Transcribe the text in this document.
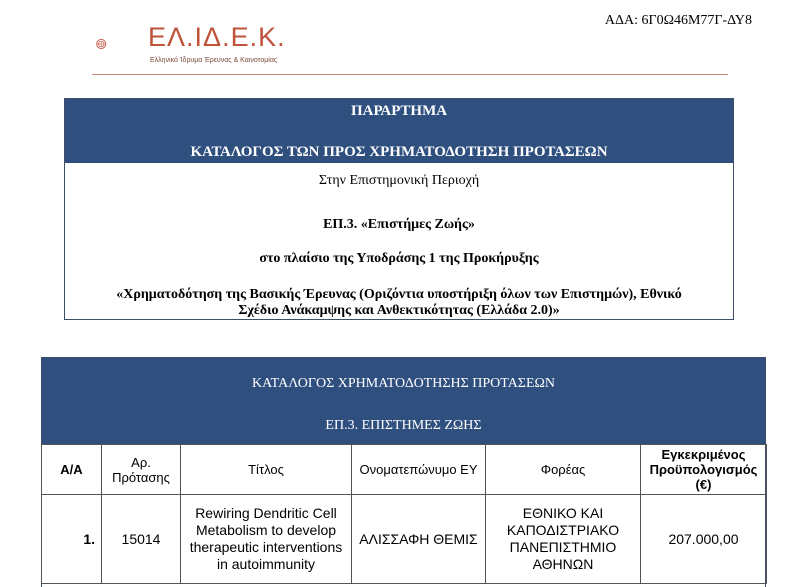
ΑΔΑ: 6Γ0Ω46Μ77Γ-ΔΥ8
ΕΛ.ΙΔ.Ε.Κ.
Ελληνικό Ίδρυμα Έρευνας & Καινοτομίας
ΠΑΡΑΡΤΗΜΑ
ΚΑΤΑΛΟΓΟΣ ΤΩΝ ΠΡΟΣ ΧΡΗΜΑΤΟΔΟΤΗΣΗ ΠΡΟΤΑΣΕΩΝ
Στην Επιστημονική Περιοχή
ΕΠ.3. «Επιστήμες Ζωής»
στο πλαίσιο της Υποδράσης 1 της Προκήρυξης
«Χρηματοδότηση της Βασικής Έρευνας (Οριζόντια υποστήριξη όλων των Επιστημών), Εθνικό
Σχέδιο Ανάκαμψης και Ανθεκτικότητας (Ελλάδα 2.0)»
ΚΑΤΑΛΟΓΟΣ ΧΡΗΜΑΤΟΔΟΤΗΣΗΣ ΠΡΟΤΑΣΕΩΝ
ΕΠ.3. ΕΠΙΣΤΗΜΕΣ ΖΩΗΣ
Α/Α	Αρ. Πρότασης	Τίτλος	Ονοματεπώνυμο ΕΥ	Φορέας	Εγκεκριμένος Προϋπολογισμός (€)
1.	15014	Rewiring Dendritic Cell Metabolism to develop therapeutic interventions in autoimmunity	ΑΛΙΣΣΑΦΗ ΘΕΜΙΣ	ΕΘΝΙΚΟ ΚΑΙ ΚΑΠΟΔΙΣΤΡΙΑΚΟ ΠΑΝΕΠΙΣΤΗΜΙΟ ΑΘΗΝΩΝ	207.000,00
